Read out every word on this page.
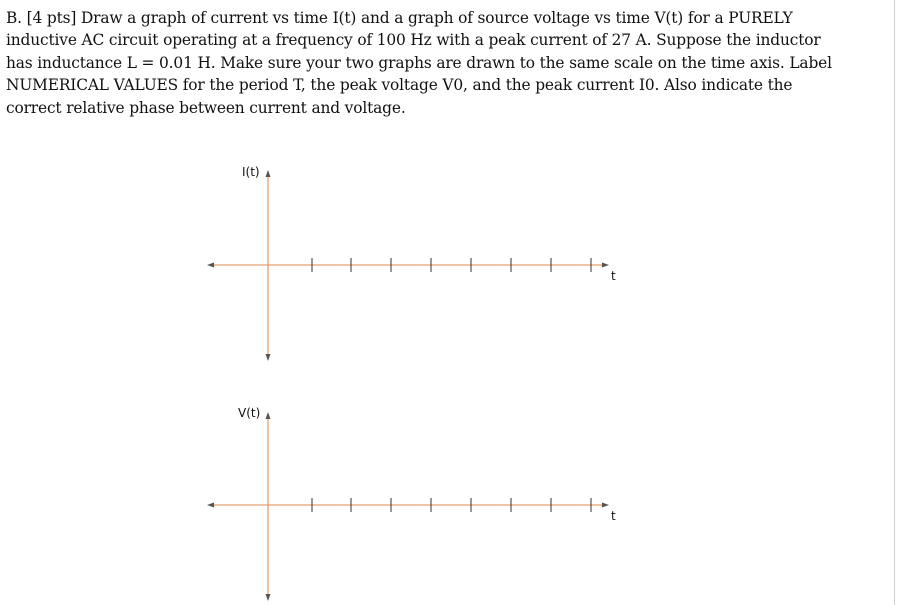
B. [4 pts] Draw a graph of current vs time I(t) and a graph of source voltage vs time V(t) for a PURELY inductive AC circuit operating at a frequency of 100 Hz with a peak current of 27 A. Suppose the inductor has inductance L = 0.01 H. Make sure your two graphs are drawn to the same scale on the time axis. Label NUMERICAL VALUES for the period T, the peak voltage V0, and the peak current I0. Also indicate the correct relative phase between current and voltage.

I(t)
t
V(t)
t
